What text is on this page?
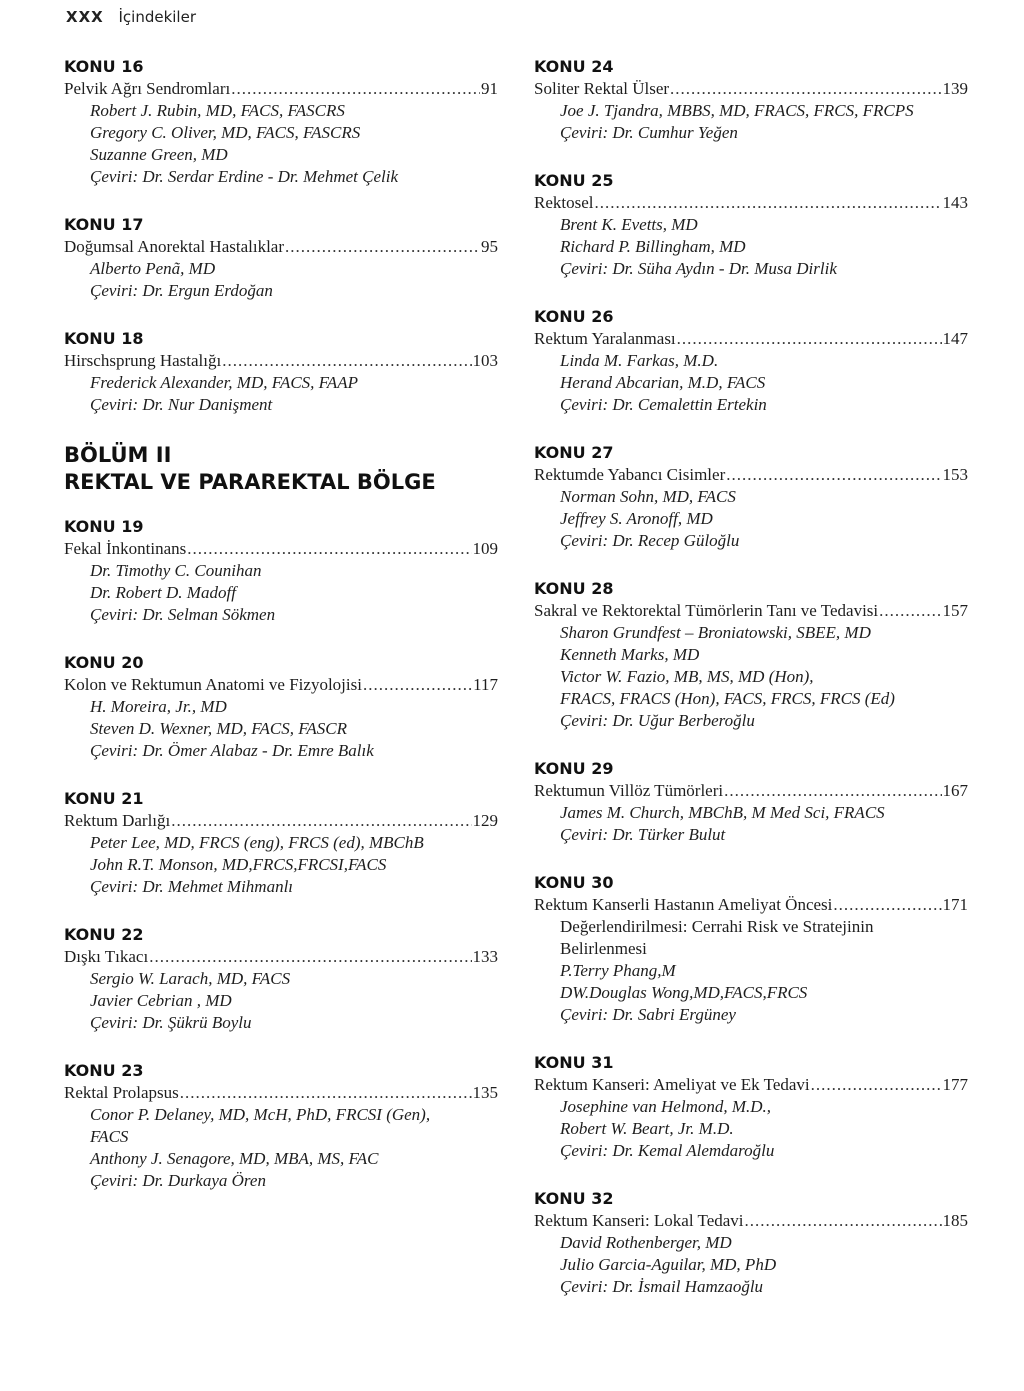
XXX İçindekiler
KONU 16
Pelvik Ağrı Sendromları .....	91
Robert J. Rubin, MD, FACS, FASCRS
Gregory C. Oliver, MD, FACS, FASCRS
Suzanne Green, MD
Çeviri: Dr. Serdar Erdine - Dr. Mehmet Çelik
KONU 17
Doğumsal Anorektal Hastalıklar .....	95
Alberto Penã, MD
Çeviri: Dr. Ergun Erdoğan
KONU 18
Hirschsprung Hastalığı .....	103
Frederick Alexander, MD, FACS, FAAP
Çeviri: Dr. Nur Danişment
BÖLÜM II
REKTAL VE PARAREKTAL BÖLGE
KONU 19
Fekal İnkontinans .....	109
Dr. Timothy C. Counihan
Dr. Robert D. Madoff
Çeviri: Dr. Selman Sökmen
KONU 20
Kolon ve Rektumun Anatomi ve Fizyolojisi .....	117
H. Moreira, Jr., MD
Steven D. Wexner, MD, FACS, FASCR
Çeviri: Dr. Ömer Alabaz - Dr. Emre Balık
KONU 21
Rektum Darlığı .....	129
Peter Lee, MD, FRCS (eng), FRCS (ed), MBChB
John R.T. Monson, MD,FRCS,FRCSI,FACS
Çeviri: Dr. Mehmet Mihmanlı
KONU 22
Dışkı Tıkacı .....	133
Sergio W. Larach, MD, FACS
Javier Cebrian , MD
Çeviri: Dr. Şükrü Boylu
KONU 23
Rektal Prolapsus .....	135
Conor P. Delaney, MD, McH, PhD, FRCSI (Gen),
FACS
Anthony J. Senagore, MD, MBA, MS, FAC
Çeviri: Dr. Durkaya Ören
KONU 24
Soliter Rektal Ülser .....	139
Joe J. Tjandra, MBBS, MD, FRACS, FRCS, FRCPS
Çeviri: Dr. Cumhur Yeğen
KONU 25
Rektosel .....	143
Brent K. Evetts, MD
Richard P. Billingham, MD
Çeviri: Dr. Süha Aydın - Dr. Musa Dirlik
KONU 26
Rektum Yaralanması .....	147
Linda M. Farkas, M.D.
Herand Abcarian, M.D, FACS
Çeviri: Dr. Cemalettin Ertekin
KONU 27
Rektumde Yabancı Cisimler .....	153
Norman Sohn, MD, FACS
Jeffrey S. Aronoff, MD
Çeviri: Dr. Recep Güloğlu
KONU 28
Sakral ve Rektorektal Tümörlerin Tanı ve Tedavisi .....	157
Sharon Grundfest – Broniatowski, SBEE, MD
Kenneth Marks, MD
Victor W. Fazio, MB, MS, MD (Hon),
FRACS, FRACS (Hon), FACS, FRCS, FRCS (Ed)
Çeviri: Dr. Uğur Berberoğlu
KONU 29
Rektumun Villöz Tümörleri .....	167
James M. Church, MBChB, M Med Sci, FRACS
Çeviri: Dr. Türker Bulut
KONU 30
Rektum Kanserli Hastanın Ameliyat Öncesi .....	171
Değerlendirilmesi: Cerrahi Risk ve Stratejinin
Belirlenmesi
P.Terry Phang,M
DW.Douglas Wong,MD,FACS,FRCS
Çeviri: Dr. Sabri Ergüney
KONU 31
Rektum Kanseri: Ameliyat ve Ek Tedavi .....	177
Josephine van Helmond, M.D.,
Robert W. Beart, Jr. M.D.
Çeviri: Dr. Kemal Alemdaroğlu
KONU 32
Rektum Kanseri: Lokal Tedavi .....	185
David Rothenberger, MD
Julio Garcia-Aguilar, MD, PhD
Çeviri: Dr. İsmail Hamzaoğlu
